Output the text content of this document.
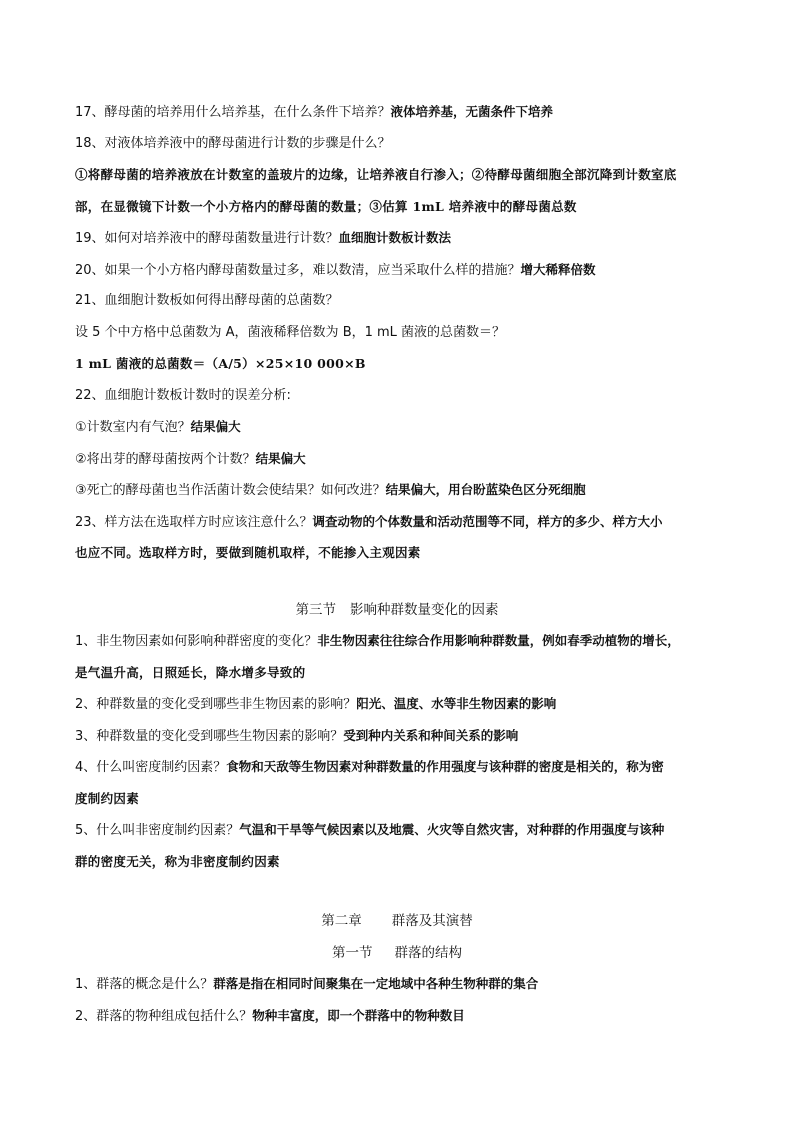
17、酵母菌的培养用什么培养基，在什么条件下培养？液体培养基，无菌条件下培养
18、对液体培养液中的酵母菌进行计数的步骤是什么？
①将酵母菌的培养液放在计数室的盖玻片的边缘，让培养液自行渗入；②待酵母菌细胞全部沉降到计数室底
部，在显微镜下计数一个小方格内的酵母菌的数量；③估算 1mL 培养液中的酵母菌总数
19、如何对培养液中的酵母菌数量进行计数？血细胞计数板计数法
20、如果一个小方格内酵母菌数量过多，难以数清，应当采取什么样的措施？增大稀释倍数
21、血细胞计数板如何得出酵母菌的总菌数？
设 5 个中方格中总菌数为 A，菌液稀释倍数为 B，1 mL 菌液的总菌数＝？
1 mL 菌液的总菌数＝（A/5）×25×10 000×B
22、血细胞计数板计数时的误差分析:
①计数室内有气泡？结果偏大
②将出芽的酵母菌按两个计数？结果偏大
③死亡的酵母菌也当作活菌计数会使结果？如何改进？结果偏大，用台盼蓝染色区分死细胞
23、样方法在选取样方时应该注意什么？调查动物的个体数量和活动范围等不同，样方的多少、样方大小
也应不同。选取样方时，要做到随机取样，不能掺入主观因素
第三节 影响种群数量变化的因素
1、非生物因素如何影响种群密度的变化？非生物因素往往综合作用影响种群数量，例如春季动植物的增长，
是气温升高，日照延长，降水增多导致的
2、种群数量的变化受到哪些非生物因素的影响？阳光、温度、水等非生物因素的影响
3、种群数量的变化受到哪些生物因素的影响？受到种内关系和种间关系的影响
4、什么叫密度制约因素？食物和天敌等生物因素对种群数量的作用强度与该种群的密度是相关的，称为密
度制约因素
5、什么叫非密度制约因素？气温和干旱等气候因素以及地震、火灾等自然灾害，对种群的作用强度与该种
群的密度无关，称为非密度制约因素
第二章 群落及其演替
第一节 群落的结构
1、群落的概念是什么？群落是指在相同时间聚集在一定地域中各种生物种群的集合
2、群落的物种组成包括什么？物种丰富度，即一个群落中的物种数目
